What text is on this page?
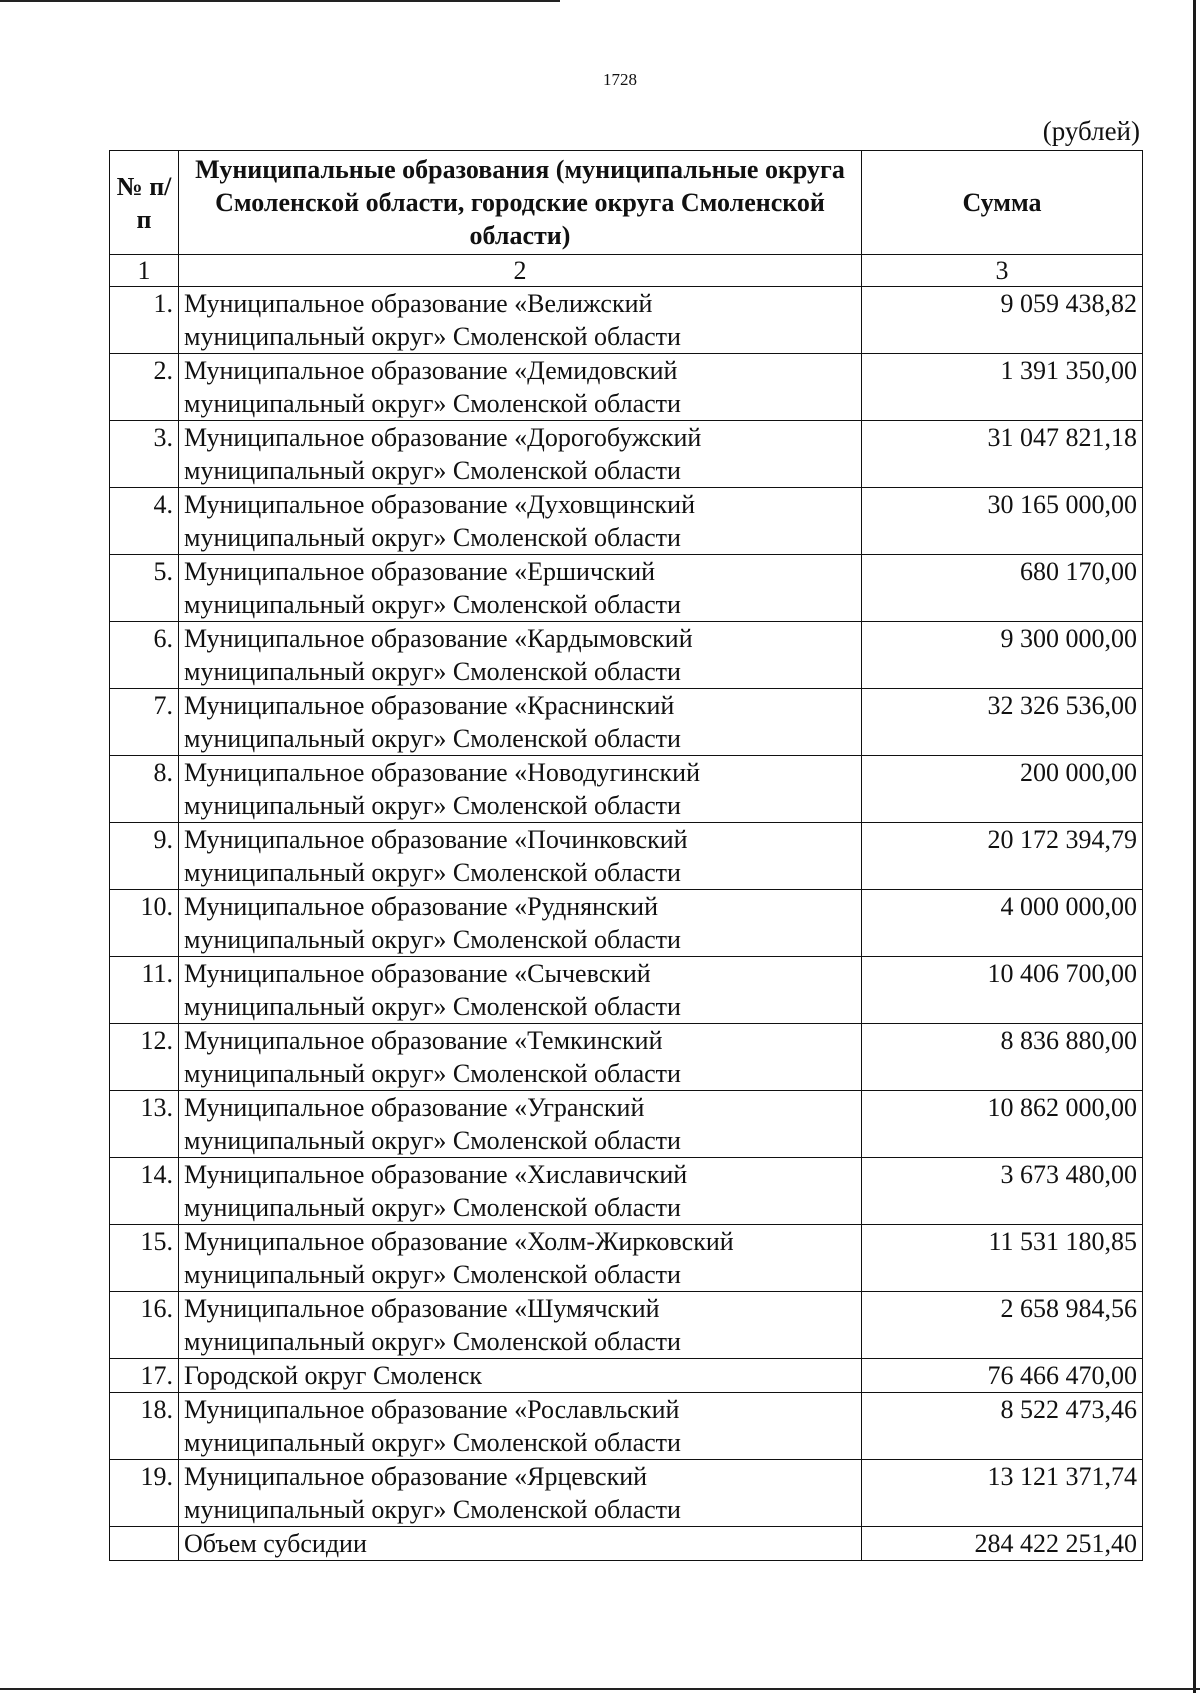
1728
(рублей)
№ п/п	Муниципальные образования (муниципальные округа Смоленской области, городские округа Смоленской области)	Сумма
1	2	3
1.	Муниципальное образование «Велижский
муниципальный округ» Смоленской области	9 059 438,82
2.	Муниципальное образование «Демидовский
муниципальный округ» Смоленской области	1 391 350,00
3.	Муниципальное образование «Дорогобужский
муниципальный округ» Смоленской области	31 047 821,18
4.	Муниципальное образование «Духовщинский
муниципальный округ» Смоленской области	30 165 000,00
5.	Муниципальное образование «Ершичский
муниципальный округ» Смоленской области	680 170,00
6.	Муниципальное образование «Кардымовский
муниципальный округ» Смоленской области	9 300 000,00
7.	Муниципальное образование «Краснинский
муниципальный округ» Смоленской области	32 326 536,00
8.	Муниципальное образование «Новодугинский
муниципальный округ» Смоленской области	200 000,00
9.	Муниципальное образование «Починковский
муниципальный округ» Смоленской области	20 172 394,79
10.	Муниципальное образование «Руднянский
муниципальный округ» Смоленской области	4 000 000,00
11.	Муниципальное образование «Сычевский
муниципальный округ» Смоленской области	10 406 700,00
12.	Муниципальное образование «Темкинский
муниципальный округ» Смоленской области	8 836 880,00
13.	Муниципальное образование «Угранский
муниципальный округ» Смоленской области	10 862 000,00
14.	Муниципальное образование «Хиславичский
муниципальный округ» Смоленской области	3 673 480,00
15.	Муниципальное образование «Холм-Жирковский
муниципальный округ» Смоленской области	11 531 180,85
16.	Муниципальное образование «Шумячский
муниципальный округ» Смоленской области	2 658 984,56
17.	Городской округ Смоленск	76 466 470,00
18.	Муниципальное образование «Рославльский
муниципальный округ» Смоленской области	8 522 473,46
19.	Муниципальное образование «Ярцевский
муниципальный округ» Смоленской области	13 121 371,74
	Объем субсидии	284 422 251,40
